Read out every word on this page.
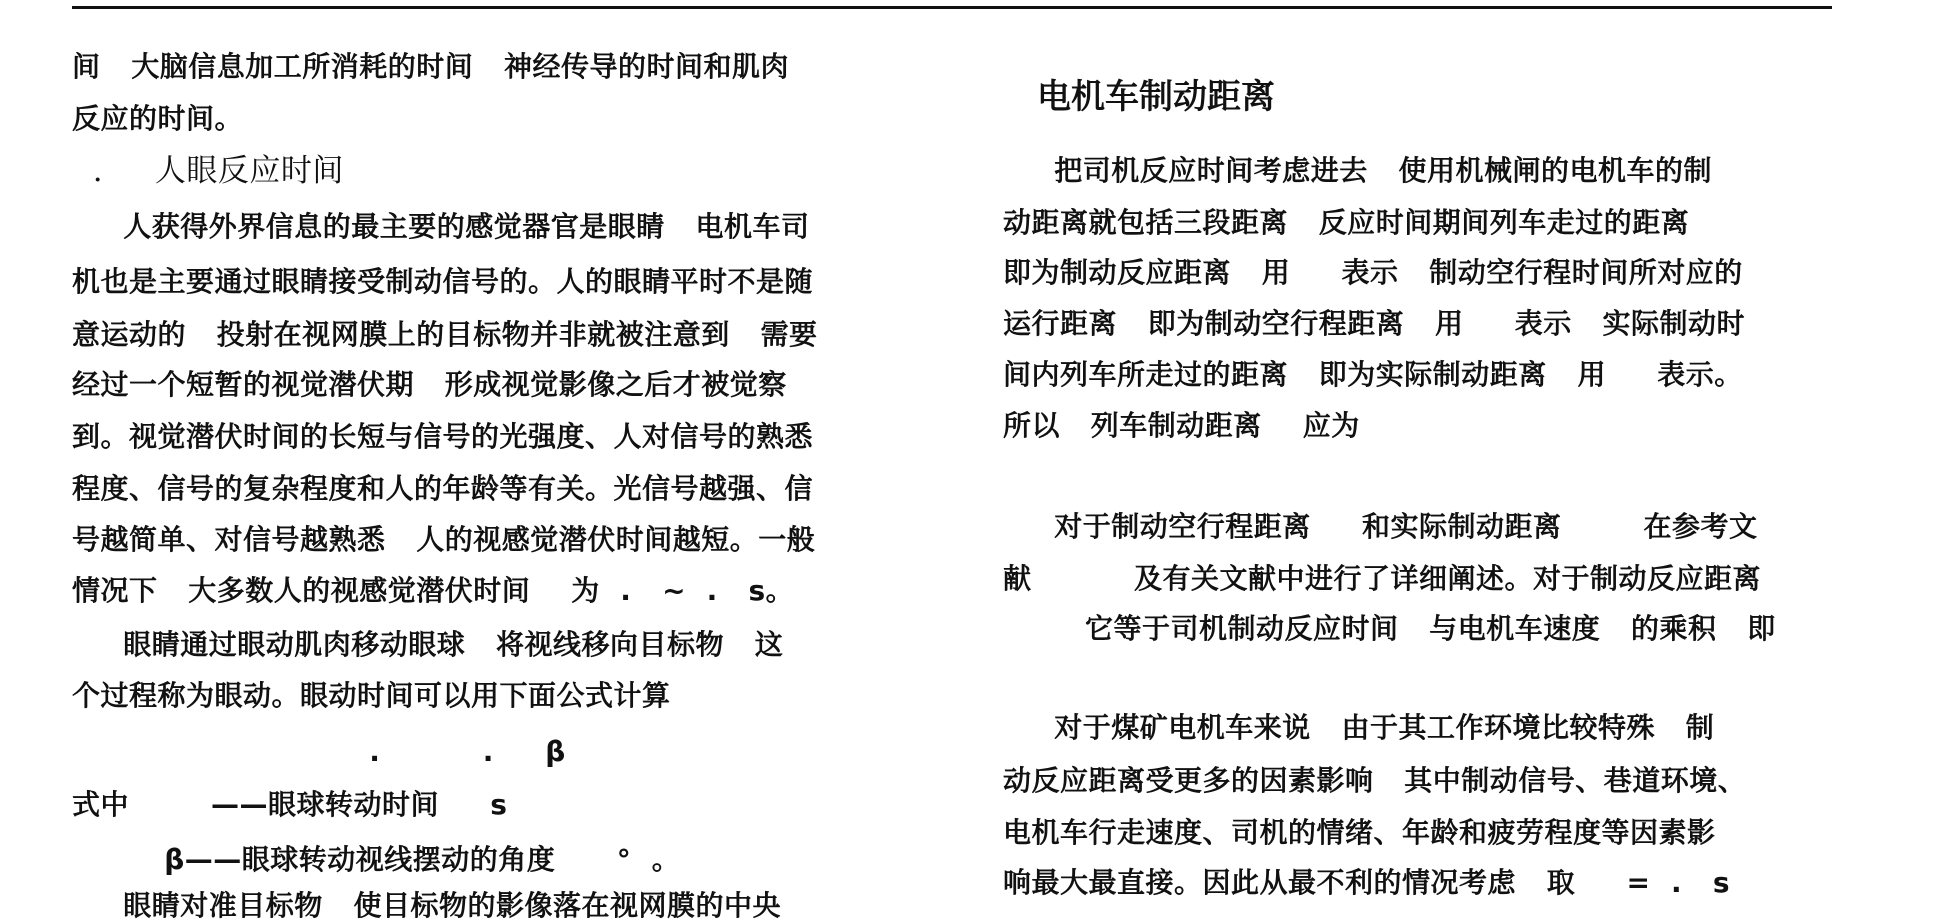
间   大脑信息加工所消耗的时间   神经传导的时间和肌肉
反应的时间。
.     人眼反应时间
人获得外界信息的最主要的感觉器官是眼睛   电机车司
机也是主要通过眼睛接受制动信号的。人的眼睛平时不是随
意运动的   投射在视网膜上的目标物并非就被注意到   需要
经过一个短暂的视觉潜伏期   形成视觉影像之后才被觉察
到。视觉潜伏时间的长短与信号的光强度、人对信号的熟悉
程度、信号的复杂程度和人的年龄等有关。光信号越强、信
号越简单、对信号越熟悉   人的视感觉潜伏时间越短。一般
情况下   大多数人的视感觉潜伏时间    为  .   ~  .   s。
眼睛通过眼动肌肉移动眼球   将视线移向目标物   这
个过程称为眼动。眼动时间可以用下面公式计算
.          .     β
式中        ——眼球转动时间     s
β——眼球转动视线摆动的角度      °  。
眼睛对准目标物   使目标物的影像落在视网膜的中央
电机车制动距离
把司机反应时间考虑进去   使用机械闸的电机车的制
动距离就包括三段距离   反应时间期间列车走过的距离
即为制动反应距离   用     表示   制动空行程时间所对应的
运行距离   即为制动空行程距离   用     表示   实际制动时
间内列车所走过的距离   即为实际制动距离   用     表示。
所以   列车制动距离    应为
对于制动空行程距离     和实际制动距离        在参考文
献          及有关文献中进行了详细阐述。对于制动反应距离
它等于司机制动反应时间   与电机车速度   的乘积   即
对于煤矿电机车来说   由于其工作环境比较特殊   制
动反应距离受更多的因素影响   其中制动信号、巷道环境、
电机车行走速度、司机的情绪、年龄和疲劳程度等因素影
响最大最直接。因此从最不利的情况考虑   取     =  .   s
